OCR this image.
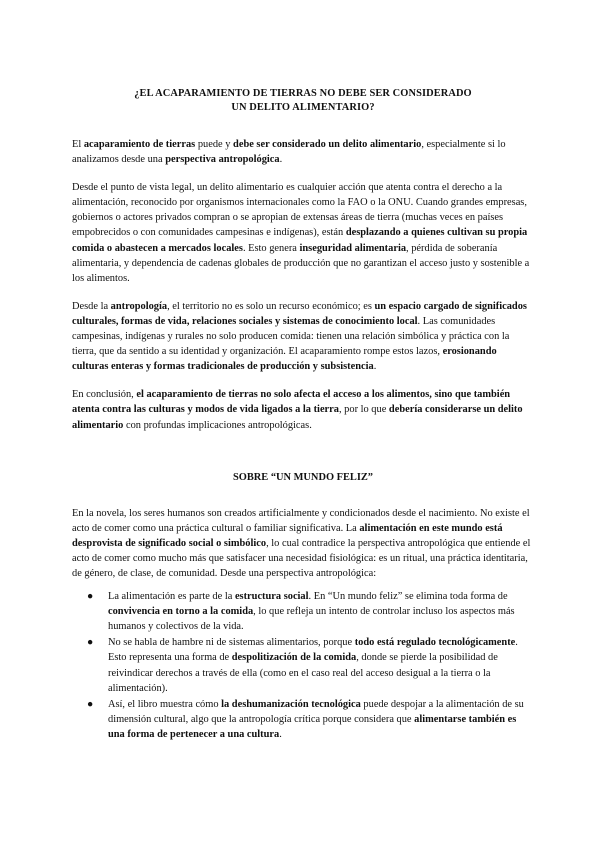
¿EL ACAPARAMIENTO DE TIERRAS NO DEBE SER CONSIDERADO
UN DELITO ALIMENTARIO?

El acaparamiento de tierras puede y debe ser considerado un delito alimentario, especialmente si lo analizamos desde una perspectiva antropológica.

Desde el punto de vista legal, un delito alimentario es cualquier acción que atenta contra el derecho a la alimentación, reconocido por organismos internacionales como la FAO o la ONU. Cuando grandes empresas, gobiernos o actores privados compran o se apropian de extensas áreas de tierra (muchas veces en países empobrecidos o con comunidades campesinas e indígenas), están desplazando a quienes cultivan su propia comida o abastecen a mercados locales. Esto genera inseguridad alimentaria, pérdida de soberanía alimentaria, y dependencia de cadenas globales de producción que no garantizan el acceso justo y sostenible a los alimentos.

Desde la antropología, el territorio no es solo un recurso económico; es un espacio cargado de significados culturales, formas de vida, relaciones sociales y sistemas de conocimiento local. Las comunidades campesinas, indígenas y rurales no solo producen comida: tienen una relación simbólica y práctica con la tierra, que da sentido a su identidad y organización. El acaparamiento rompe estos lazos, erosionando culturas enteras y formas tradicionales de producción y subsistencia.

En conclusión, el acaparamiento de tierras no solo afecta el acceso a los alimentos, sino que también atenta contra las culturas y modos de vida ligados a la tierra, por lo que debería considerarse un delito alimentario con profundas implicaciones antropológicas.

SOBRE “UN MUNDO FELIZ”

En la novela, los seres humanos son creados artificialmente y condicionados desde el nacimiento. No existe el acto de comer como una práctica cultural o familiar significativa. La alimentación en este mundo está desprovista de significado social o simbólico, lo cual contradice la perspectiva antropológica que entiende el acto de comer como mucho más que satisfacer una necesidad fisiológica: es un ritual, una práctica identitaria, de género, de clase, de comunidad. Desde una perspectiva antropológica:

● La alimentación es parte de la estructura social. En “Un mundo feliz” se elimina toda forma de convivencia en torno a la comida, lo que refleja un intento de controlar incluso los aspectos más humanos y colectivos de la vida.
● No se habla de hambre ni de sistemas alimentarios, porque todo está regulado tecnológicamente. Esto representa una forma de despolitización de la comida, donde se pierde la posibilidad de reivindicar derechos a través de ella (como en el caso real del acceso desigual a la tierra o la alimentación).
● Así, el libro muestra cómo la deshumanización tecnológica puede despojar a la alimentación de su dimensión cultural, algo que la antropología crítica porque considera que alimentarse también es una forma de pertenecer a una cultura.
